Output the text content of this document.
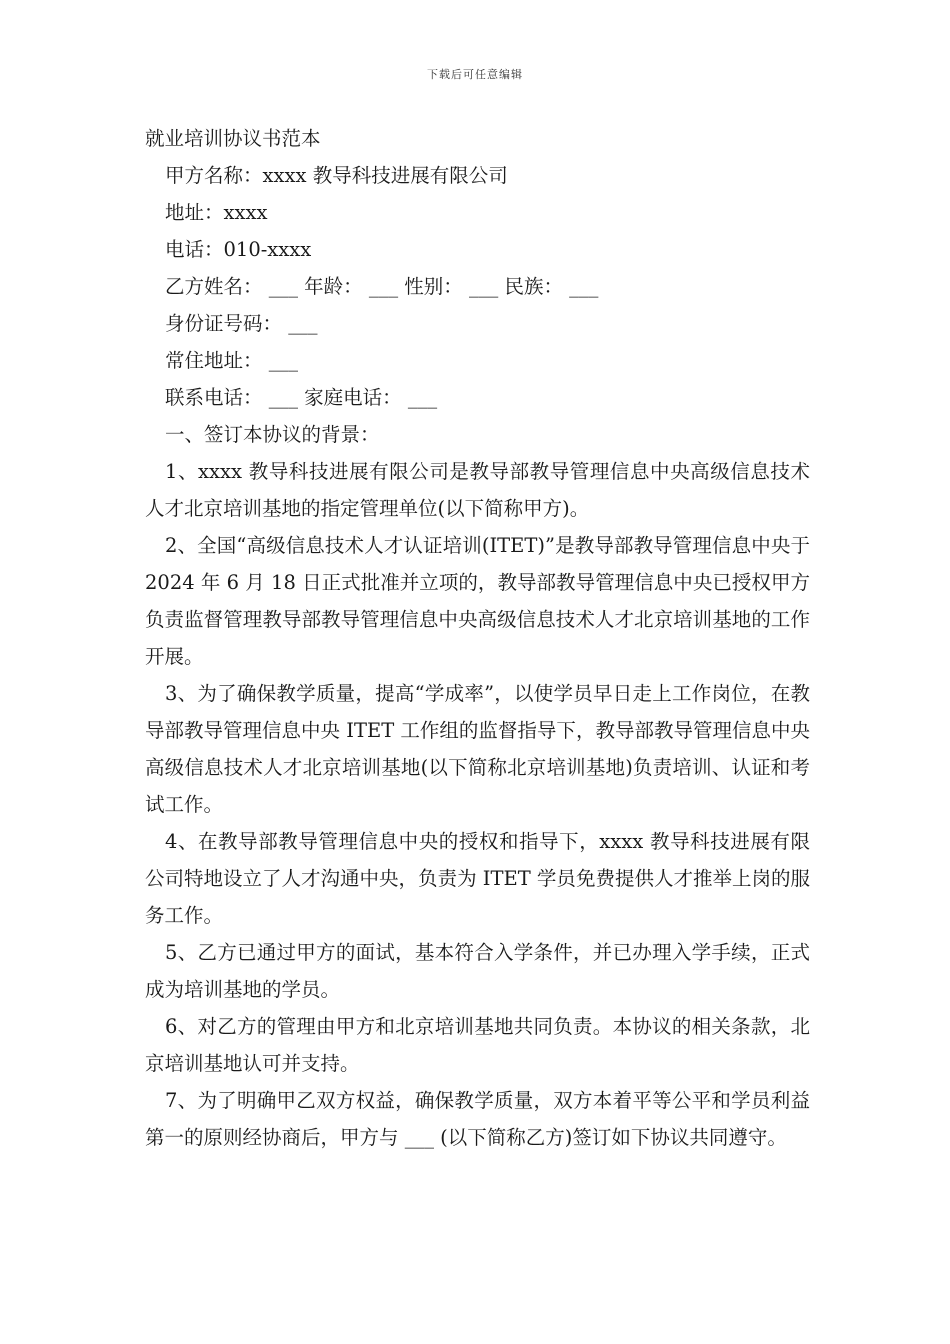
下载后可任意编辑
就业培训协议书范本

甲方名称：xxxx 教导科技进展有限公司

地址：xxxx

电话：010-xxxx

乙方姓名： ___ 年龄： ___ 性别： ___ 民族： ___

身份证号码： ___

常住地址： ___

联系电话： ___ 家庭电话： ___

一、签订本协议的背景：

1、xxxx 教导科技进展有限公司是教导部教导管理信息中央高级信息技术人才北京培训基地的指定管理单位(以下简称甲方)。

2、全国“高级信息技术人才认证培训(ITET)”是教导部教导管理信息中央于 2024 年 6 月 18 日正式批准并立项的，教导部教导管理信息中央已授权甲方负责监督管理教导部教导管理信息中央高级信息技术人才北京培训基地的工作开展。

3、为了确保教学质量，提高“学成率”，以使学员早日走上工作岗位，在教导部教导管理信息中央 ITET 工作组的监督指导下，教导部教导管理信息中央高级信息技术人才北京培训基地(以下简称北京培训基地)负责培训、认证和考试工作。

4、在教导部教导管理信息中央的授权和指导下，xxxx 教导科技进展有限公司特地设立了人才沟通中央，负责为 ITET 学员免费提供人才推举上岗的服务工作。

5、乙方已通过甲方的面试，基本符合入学条件，并已办理入学手续，正式成为培训基地的学员。

6、对乙方的管理由甲方和北京培训基地共同负责。本协议的相关条款，北京培训基地认可并支持。

7、为了明确甲乙双方权益，确保教学质量，双方本着平等公平和学员利益第一的原则经协商后，甲方与 ___ (以下简称乙方)签订如下协议共同遵守。
